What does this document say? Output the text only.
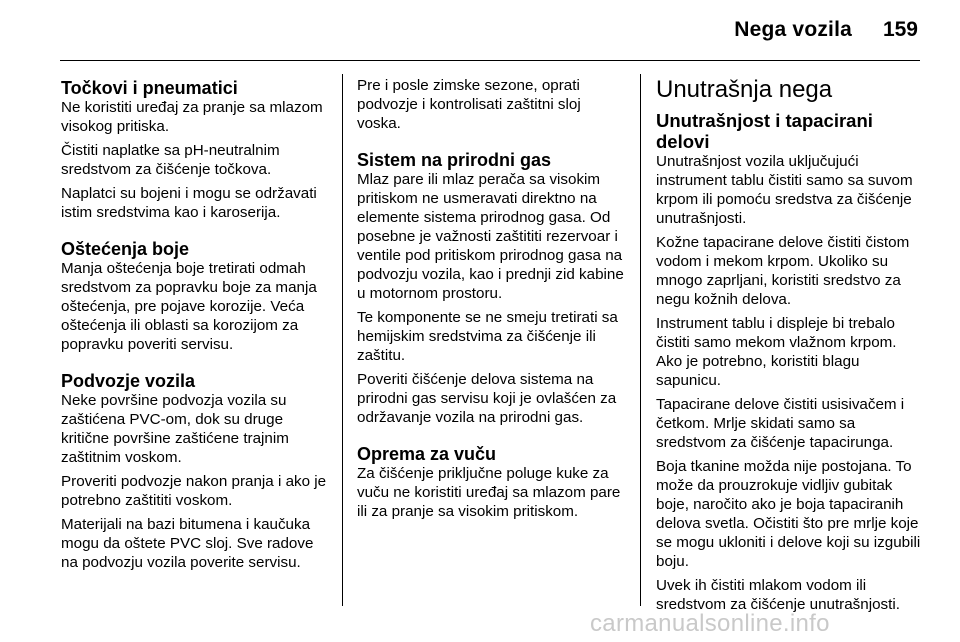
Nega vozila 159
Točkovi i pneumatici

Ne koristiti uređaj za pranje sa mlazom visokog pritiska.

Čistiti naplatke sa pH-neutralnim sredstvom za čišćenje točkova.

Naplatci su bojeni i mogu se održavati istim sredstvima kao i karoserija.

Oštećenja boje

Manja oštećenja boje tretirati odmah sredstvom za popravku boje za manja oštećenja, pre pojave korozije. Veća oštećenja ili oblasti sa korozijom za popravku poveriti servisu.

Podvozje vozila

Neke površine podvozja vozila su zaštićena PVC-om, dok su druge kritične površine zaštićene trajnim zaštitnim voskom.

Proveriti podvozje nakon pranja i ako je potrebno zaštititi voskom.

Materijali na bazi bitumena i kaučuka mogu da oštete PVC sloj. Sve radove na podvozju vozila poverite servisu.

Pre i posle zimske sezone, oprati podvozje i kontrolisati zaštitni sloj voska.

Sistem na prirodni gas

Mlaz pare ili mlaz perača sa visokim pritiskom ne usmeravati direktno na elemente sistema prirodnog gasa. Od posebne je važnosti zaštititi rezervoar i ventile pod pritiskom prirodnog gasa na podvozju vozila, kao i prednji zid kabine u motornom prostoru.

Te komponente se ne smeju tretirati sa hemijskim sredstvima za čišćenje ili zaštitu.

Poveriti čišćenje delova sistema na prirodni gas servisu koji je ovlašćen za održavanje vozila na prirodni gas.

Oprema za vuču

Za čišćenje priključne poluge kuke za vuču ne koristiti uređaj sa mlazom pare ili za pranje sa visokim pritiskom.

Unutrašnja nega
Unutrašnjost i tapacirani delovi

Unutrašnjost vozila uključujući instrument tablu čistiti samo sa suvom krpom ili pomoću sredstva za čišćenje unutrašnjosti.

Kožne tapacirane delove čistiti čistom vodom i mekom krpom. Ukoliko su mnogo zaprljani, koristiti sredstvo za negu kožnih delova.

Instrument tablu i displeje bi trebalo čistiti samo mekom vlažnom krpom. Ako je potrebno, koristiti blagu sapunicu.

Tapacirane delove čistiti usisivačem i četkom. Mrlje skidati samo sa sredstvom za čišćenje tapacirunga.

Boja tkanine možda nije postojana. To može da prouzrokuje vidljiv gubitak boje, naročito ako je boja tapaciranih delova svetla. Očistiti što pre mrlje koje se mogu ukloniti i delove koji su izgubili boju.

Uvek ih čistiti mlakom vodom ili sredstvom za čišćenje unutrašnjosti.

carmanualsonline.info
